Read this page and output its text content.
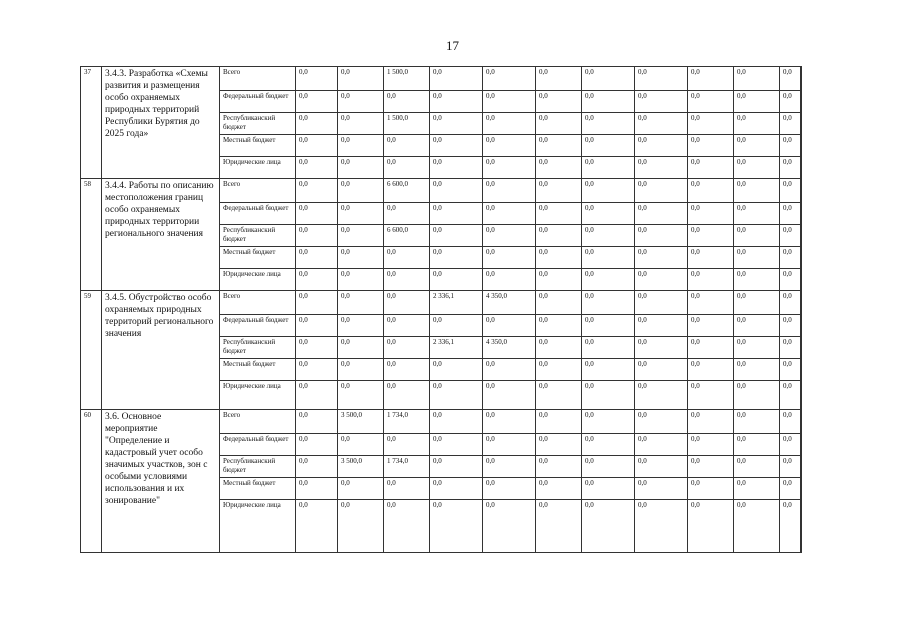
17
37	3.4.3. Разработка «Схемы развития и размещения особо охраняемых природных территорий Республики Бурятия до 2025 года»	Всего	0,0	0,0	1 500,0	0,0	0,0	0,0	0,0	0,0	0,0	0,0	0,0	
		Федеральный бюджет	0,0	0,0	0,0	0,0	0,0	0,0	0,0	0,0	0,0	0,0	0,0	
		Республиканский бюджет	0,0	0,0	1 500,0	0,0	0,0	0,0	0,0	0,0	0,0	0,0	0,0	
		Местный бюджет	0,0	0,0	0,0	0,0	0,0	0,0	0,0	0,0	0,0	0,0	0,0	
		Юридические лица	0,0	0,0	0,0	0,0	0,0	0,0	0,0	0,0	0,0	0,0	0,0	
58	3.4.4. Работы по описанию местоположения границ особо охраняемых природных территории регионального значения	Всего	0,0	0,0	6 600,0	0,0	0,0	0,0	0,0	0,0	0,0	0,0	0,0	
		Федеральный бюджет	0,0	0,0	0,0	0,0	0,0	0,0	0,0	0,0	0,0	0,0	0,0	
		Республиканский бюджет	0,0	0,0	6 600,0	0,0	0,0	0,0	0,0	0,0	0,0	0,0	0,0	
		Местный бюджет	0,0	0,0	0,0	0,0	0,0	0,0	0,0	0,0	0,0	0,0	0,0	
		Юридические лица	0,0	0,0	0,0	0,0	0,0	0,0	0,0	0,0	0,0	0,0	0,0	
59	3.4.5. Обустройство особо охраняемых природных территорий регионального значения	Всего	0,0	0,0	0,0	2 336,1	4 350,0	0,0	0,0	0,0	0,0	0,0	0,0	
		Федеральный бюджет	0,0	0,0	0,0	0,0	0,0	0,0	0,0	0,0	0,0	0,0	0,0	
		Республиканский бюджет	0,0	0,0	0,0	2 336,1	4 350,0	0,0	0,0	0,0	0,0	0,0	0,0	
		Местный бюджет	0,0	0,0	0,0	0,0	0,0	0,0	0,0	0,0	0,0	0,0	0,0	
		Юридические лица	0,0	0,0	0,0	0,0	0,0	0,0	0,0	0,0	0,0	0,0	0,0	
60	3.6. Основное мероприятие "Определение и кадастровый учет особо значимых участков, зон с особыми условиями использования и их зонирование"	Всего	0,0	3 500,0	1 734,0	0,0	0,0	0,0	0,0	0,0	0,0	0,0	0,0	
		Федеральный бюджет	0,0	0,0	0,0	0,0	0,0	0,0	0,0	0,0	0,0	0,0	0,0	
		Республиканский бюджет	0,0	3 500,0	1 734,0	0,0	0,0	0,0	0,0	0,0	0,0	0,0	0,0	
		Местный бюджет	0,0	0,0	0,0	0,0	0,0	0,0	0,0	0,0	0,0	0,0	0,0	
		Юридические лица	0,0	0,0	0,0	0,0	0,0	0,0	0,0	0,0	0,0	0,0	0,0	
